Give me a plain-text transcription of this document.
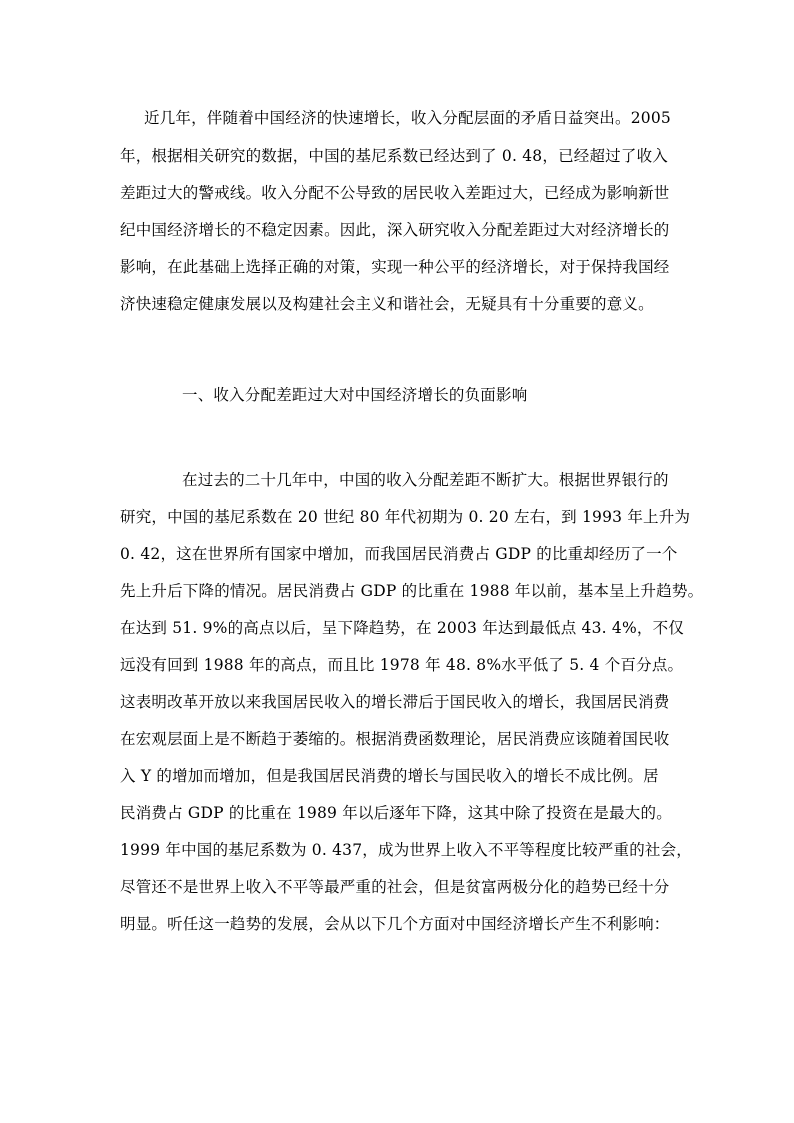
近几年，伴随着中国经济的快速增长，收入分配层面的矛盾日益突出。2005
年，根据相关研究的数据，中国的基尼系数已经达到了 0. 48，已经超过了收入
差距过大的警戒线。收入分配不公导致的居民收入差距过大，已经成为影响新世
纪中国经济增长的不稳定因素。因此，深入研究收入分配差距过大对经济增长的
影响，在此基础上选择正确的对策，实现一种公平的经济增长，对于保持我国经
济快速稳定健康发展以及构建社会主义和谐社会，无疑具有十分重要的意义。
一、收入分配差距过大对中国经济增长的负面影响
在过去的二十几年中，中国的收入分配差距不断扩大。根据世界银行的
研究，中国的基尼系数在 20 世纪 80 年代初期为 0. 20 左右，到 1993 年上升为
0. 42，这在世界所有国家中增加，而我国居民消费占 GDP 的比重却经历了一个
先上升后下降的情况。居民消费占 GDP 的比重在 1988 年以前，基本呈上升趋势。
在达到 51. 9%的高点以后，呈下降趋势，在 2003 年达到最低点 43. 4%，不仅
远没有回到 1988 年的高点，而且比 1978 年 48. 8%水平低了 5. 4 个百分点。
这表明改革开放以来我国居民收入的增长滞后于国民收入的增长，我国居民消费
在宏观层面上是不断趋于萎缩的。根据消费函数理论，居民消费应该随着国民收
入 Y 的增加而增加，但是我国居民消费的增长与国民收入的增长不成比例。居
民消费占 GDP 的比重在 1989 年以后逐年下降，这其中除了投资在是最大的。
1999 年中国的基尼系数为 0. 437，成为世界上收入不平等程度比较严重的社会，
尽管还不是世界上收入不平等最严重的社会，但是贫富两极分化的趋势已经十分
明显。听任这一趋势的发展，会从以下几个方面对中国经济增长产生不利影响：
